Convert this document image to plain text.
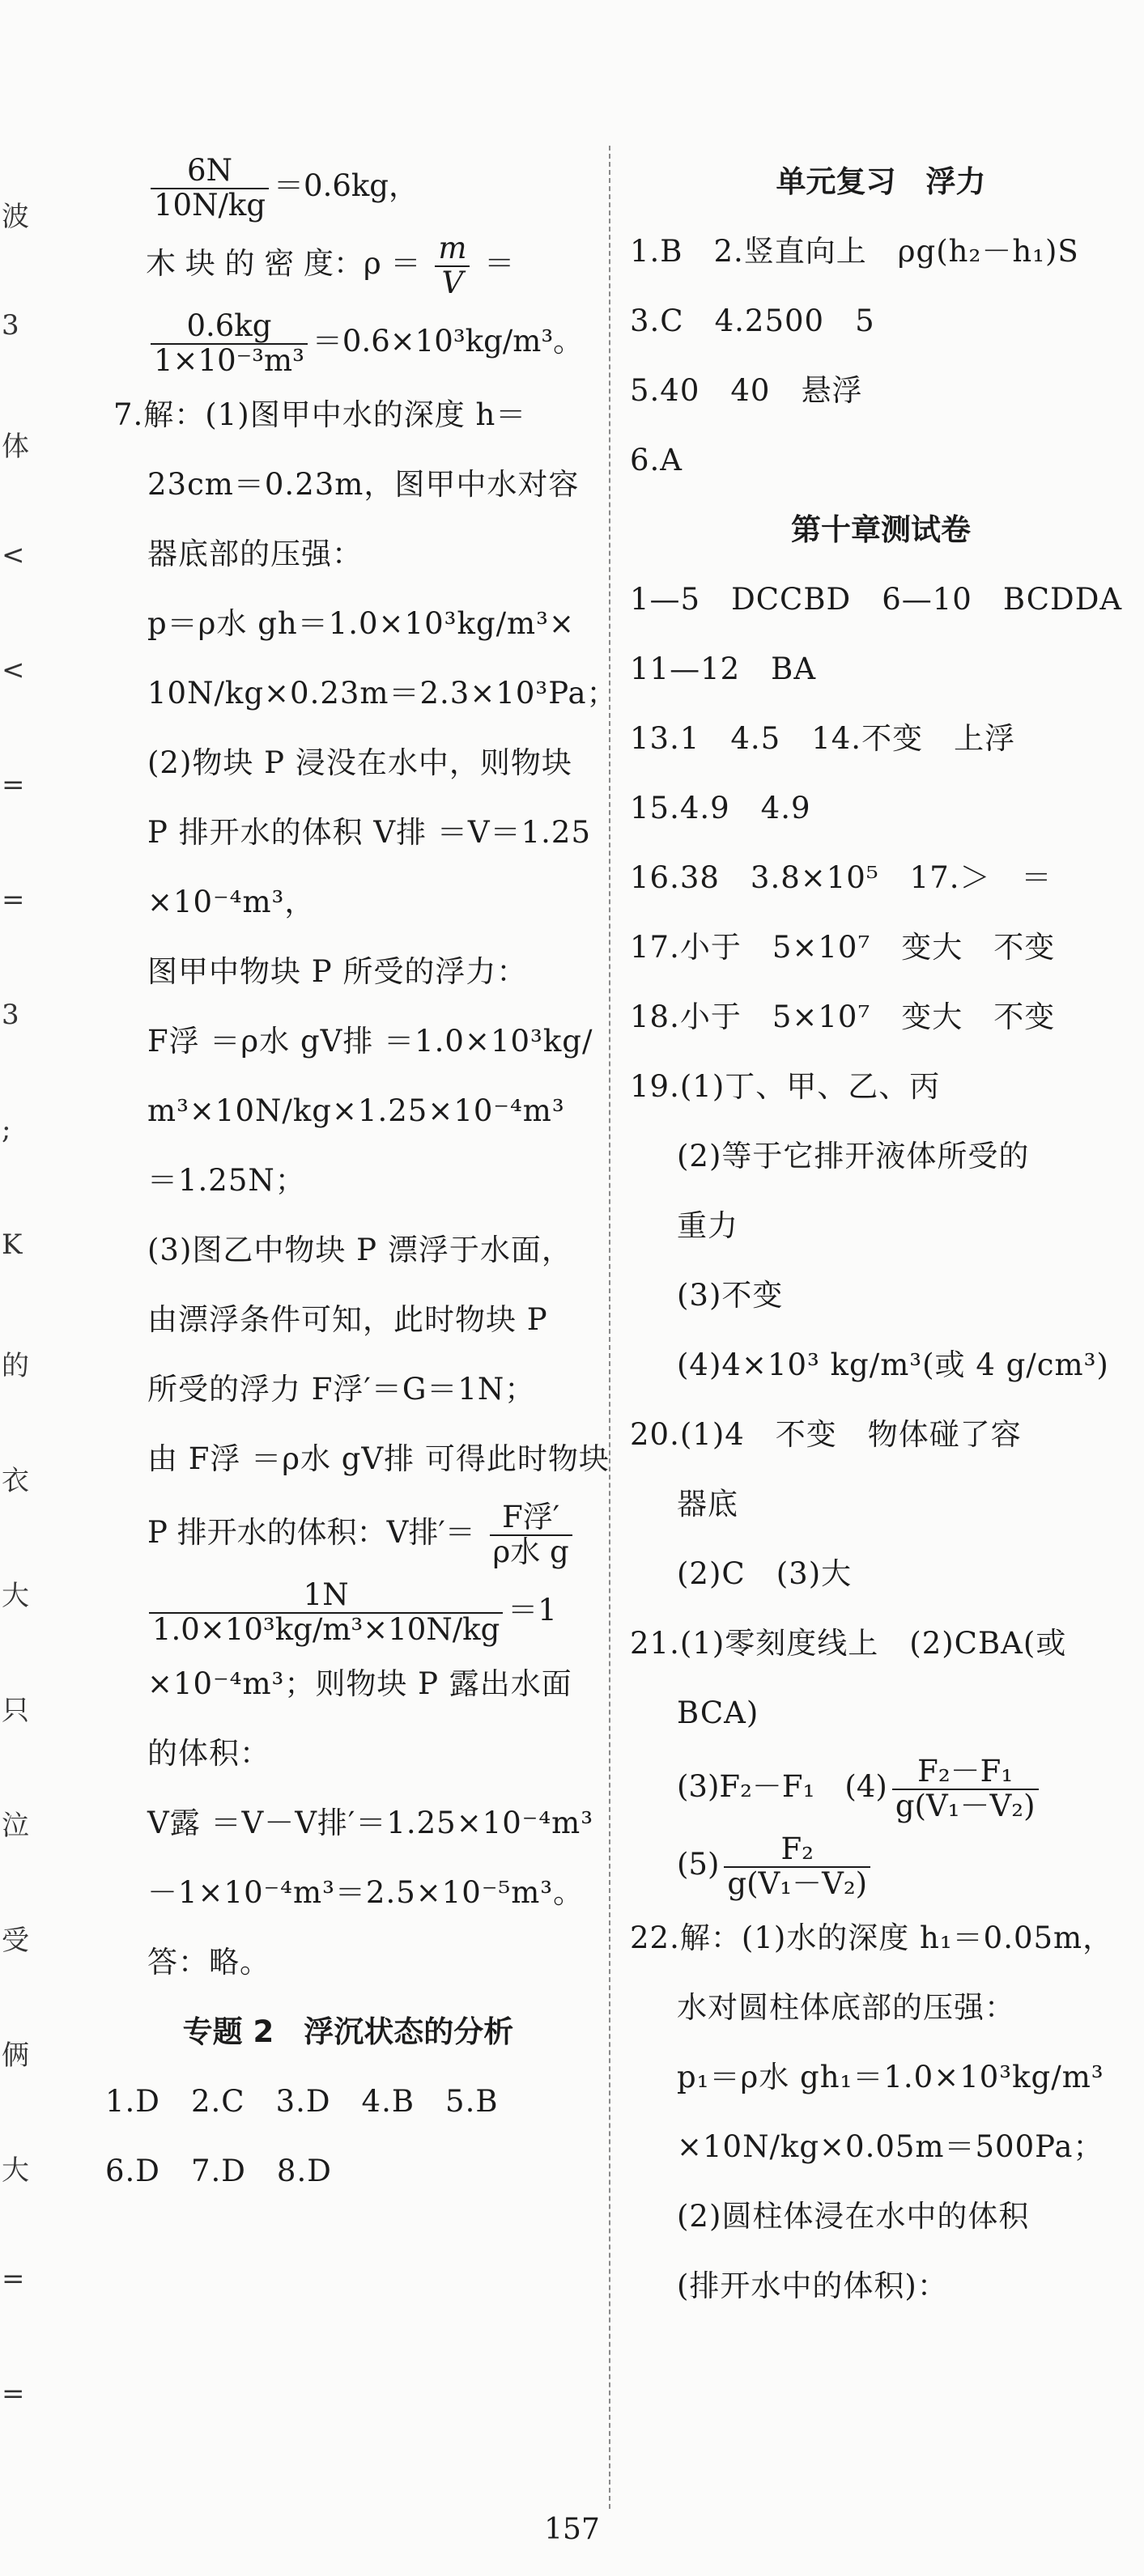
波
3
体
<
<
=
=
3
;
K
的
衣
大
只
泣
受
俩
大
=
=
$\frac{6N}{10N/kg} =0.6kg$，
木 块 的 密 度：$\rho = \frac{m}{V}$ ＝
$\frac{0.6kg}{\text{1×10⁻³m³}} =0.6\times 10^3kg/m^3$。
7.解：(1)图甲中水的深度 h＝
23cm＝0.23m，图甲中水对容
器底部的压强：
p＝ρ水 gh＝1.0×10³kg/m³×
10N/kg×0.23m＝2.3×10³Pa；
(2)物块 P 浸没在水中，则物块
P 排开水的体积 V排 ＝V＝1.25
×10⁻⁴m³，
图甲中物块 P 所受的浮力：
F浮 ＝ρ水 gV排 ＝1.0×10³kg/
m³×10N/kg×1.25×10⁻⁴m³
＝1.25N；
(3)图乙中物块 P 漂浮于水面，
由漂浮条件可知，此时物块 P
所受的浮力 F浮′＝G＝1N；
由 F浮 ＝ρ水 gV排 可得此时物块
P 排开水的体积：V排′＝ $\frac{\text{F浮′}}{\text{ρ水 g}}$
$\frac{1N}{\text{1.0×10³kg/m³×10N/kg}} =1$
×10⁻⁴m³；则物块 P 露出水面
的体积：
V露 ＝V－V排′＝1.25×10⁻⁴m³
－1×10⁻⁴m³＝2.5×10⁻⁵m³。
答：略。
专题 2　浮沉状态的分析
1.D　2.C　3.D　4.B　5.B
6.D　7.D　8.D
单元复习　浮力
1.B　2.竖直向上　ρg(h₂－h₁)S
3.C　4.2500　5
5.40　40　悬浮
6.A
第十章测试卷
1—5　DCCBD　6—10　BCDDA
11—12　BA
13.1　4.5　14.不变　上浮
15.4.9　4.9
16.38　3.8×10⁵　17.＞　＝
17.小于　5×10⁷　变大　不变
18.小于　5×10⁷　变大　不变
19.(1)丁、甲、乙、丙
(2)等于它排开液体所受的
重力
(3)不变
(4)4×10³ kg/m³(或 4 g/cm³)
20.(1)4　不变　物体碰了容
器底
(2)C　(3)大
21.(1)零刻度线上　(2)CBA(或
BCA)
(3)F₂－F₁　$(4) \frac{\text{F₂－F₁}}{\text{g(V₁－V₂)}}$
$(5) \frac{\text{F₂}}{\text{g(V₁－V₂)}}$
22.解：(1)水的深度 h₁＝0.05m，
水对圆柱体底部的压强：
p₁＝ρ水 gh₁＝1.0×10³kg/m³
×10N/kg×0.05m＝500Pa；
(2)圆柱体浸在水中的体积
(排开水中的体积)：
157
